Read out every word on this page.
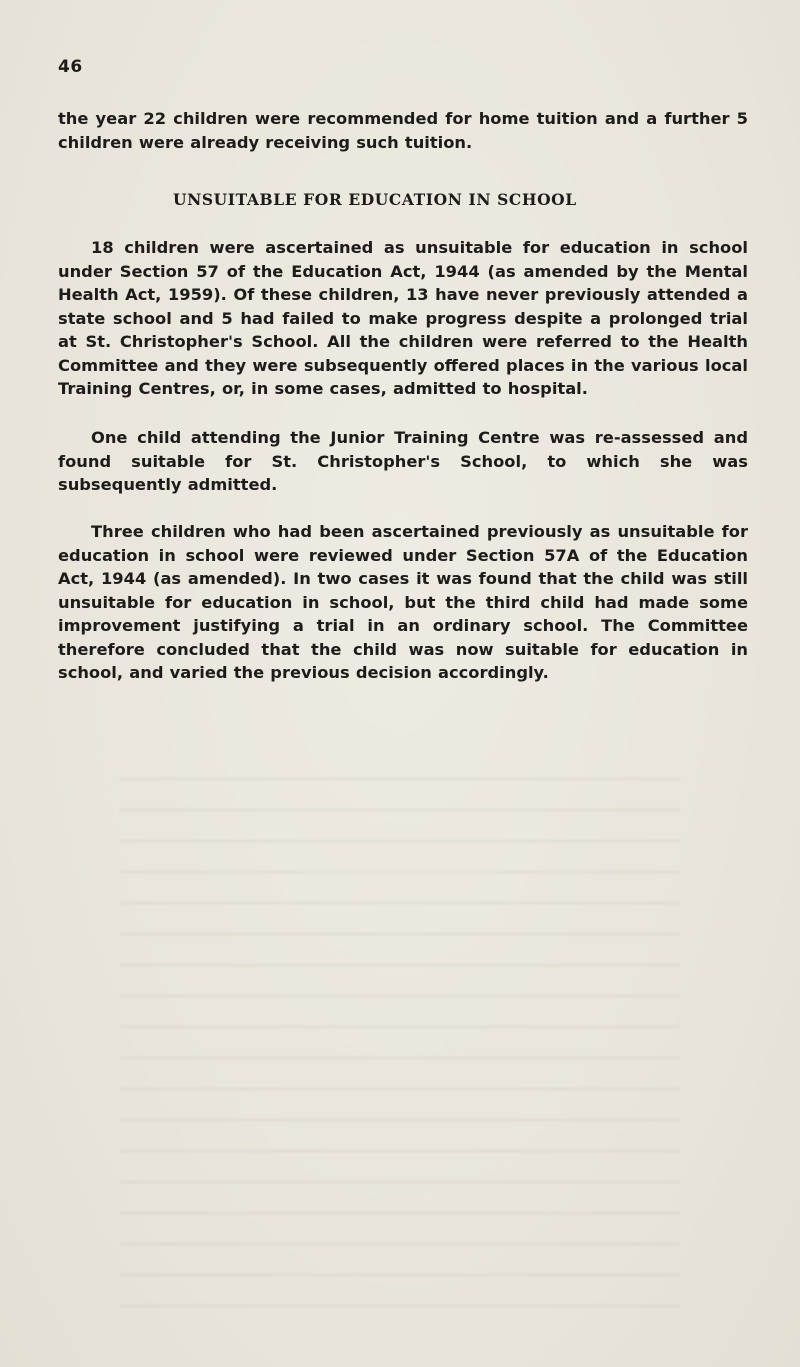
46

the year 22 children were recommended for home tuition and a further 5 children were already receiving such tuition.

UNSUITABLE FOR EDUCATION IN SCHOOL

18 children were ascertained as unsuitable for education in school under Section 57 of the Education Act, 1944 (as amended by the Mental Health Act, 1959). Of these children, 13 have never previously attended a state school and 5 had failed to make progress despite a prolonged trial at St. Christopher's School. All the children were referred to the Health Committee and they were subsequently offered places in the various local Training Centres, or, in some cases, admitted to hospital.

One child attending the Junior Training Centre was re-assessed and found suitable for St. Christopher's School, to which she was subsequently admitted.

Three children who had been ascertained previously as unsuitable for education in school were reviewed under Section 57A of the Education Act, 1944 (as amended). In two cases it was found that the child was still unsuitable for education in school, but the third child had made some improvement justifying a trial in an ordinary school. The Committee therefore concluded that the child was now suitable for education in school, and varied the previous decision accordingly.
